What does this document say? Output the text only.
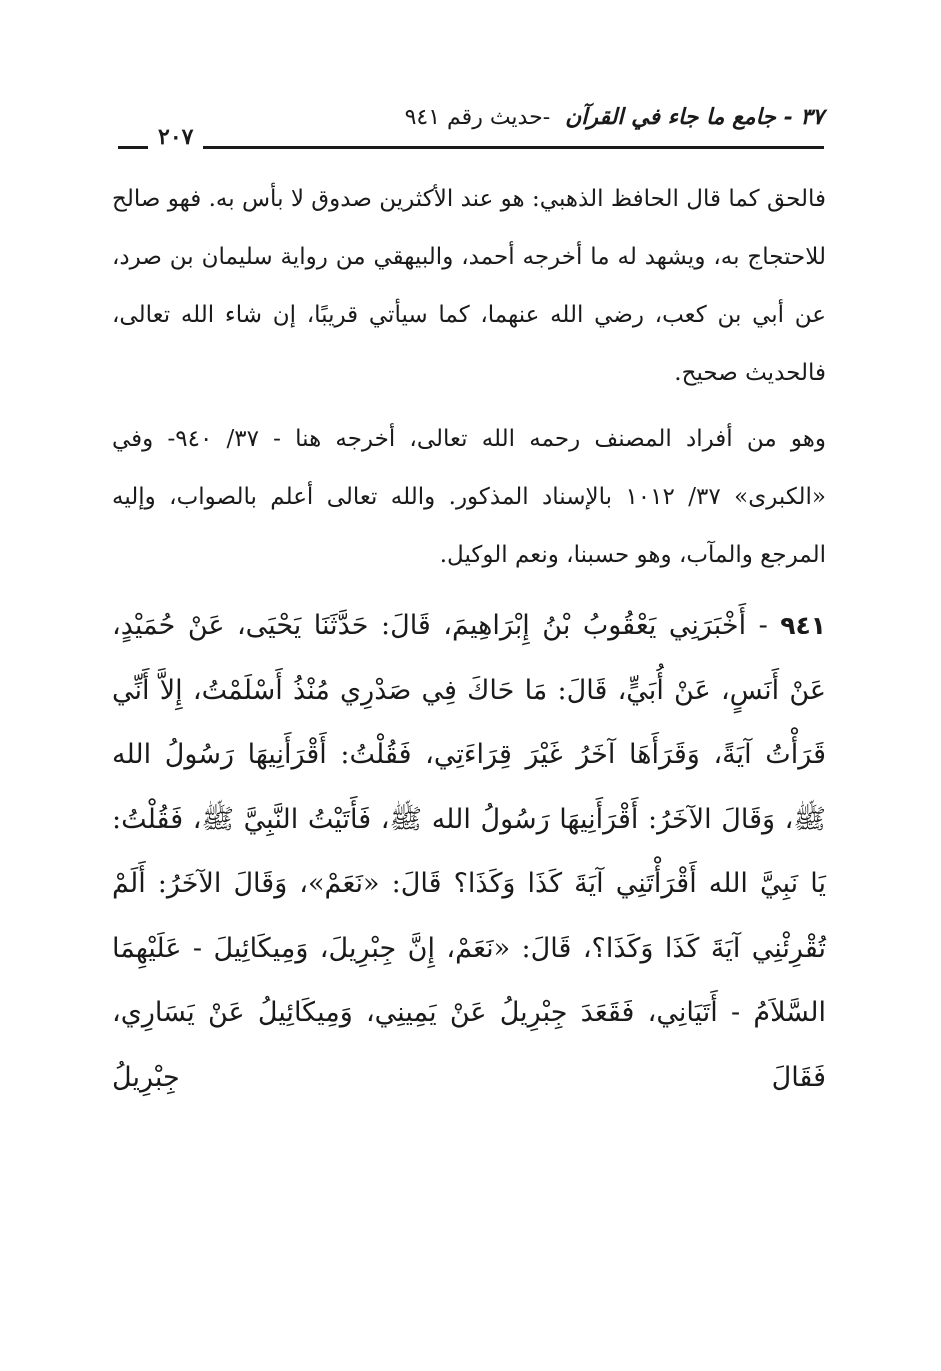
٣٧ - جامع ما جاء في القرآن -حديث رقم ٩٤١
٢٠٧

فالحق كما قال الحافظ الذهبي: هو عند الأكثرين صدوق لا بأس به. فهو صالح للاحتجاج به، ويشهد له ما أخرجه أحمد، والبيهقي من رواية سليمان بن صرد، عن أبي بن كعب، رضي الله عنهما، كما سيأتي قريبًا، إن شاء الله تعالى، فالحديث صحيح.

وهو من أفراد المصنف رحمه الله تعالى، أخرجه هنا - ٣٧/ ٩٤٠- وفي «الكبرى» ٣٧/ ١٠١٢ بالإسناد المذكور. والله تعالى أعلم بالصواب، وإليه المرجع والمآب، وهو حسبنا، ونعم الوكيل.

٩٤١ - أَخْبَرَنِي يَعْقُوبُ بْنُ إِبْرَاهِيمَ، قَالَ: حَدَّثَنَا يَحْيَى، عَنْ حُمَيْدٍ، عَنْ أَنَسٍ، عَنْ أُبَيٍّ، قَالَ: مَا حَاكَ فِي صَدْرِي مُنْذُ أَسْلَمْتُ، إِلاَّ أَنِّي قَرَأْتُ آيَةً، وَقَرَأَهَا آخَرُ غَيْرَ قِرَاءَتِي، فَقُلْتُ: أَقْرَأَنِيهَا رَسُولُ الله ﷺ، وَقَالَ الآخَرُ: أَقْرَأَنِيهَا رَسُولُ الله ﷺ، فَأَتَيْتُ النَّبِيَّ ﷺ، فَقُلْتُ: يَا نَبِيَّ الله أَقْرَأْتَنِي آيَةَ كَذَا وَكَذَا؟ قَالَ: «نَعَمْ»، وَقَالَ الآخَرُ: أَلَمْ تُقْرِئْنِي آيَةَ كَذَا وَكَذَا؟، قَالَ: «نَعَمْ، إِنَّ جِبْرِيلَ، وَمِيكَائِيلَ - عَلَيْهِمَا السَّلاَمُ - أَتَيَانِي، فَقَعَدَ جِبْرِيلُ عَنْ يَمِينِي، وَمِيكَائِيلُ عَنْ يَسَارِي، فَقَالَ جِبْرِيلُ
